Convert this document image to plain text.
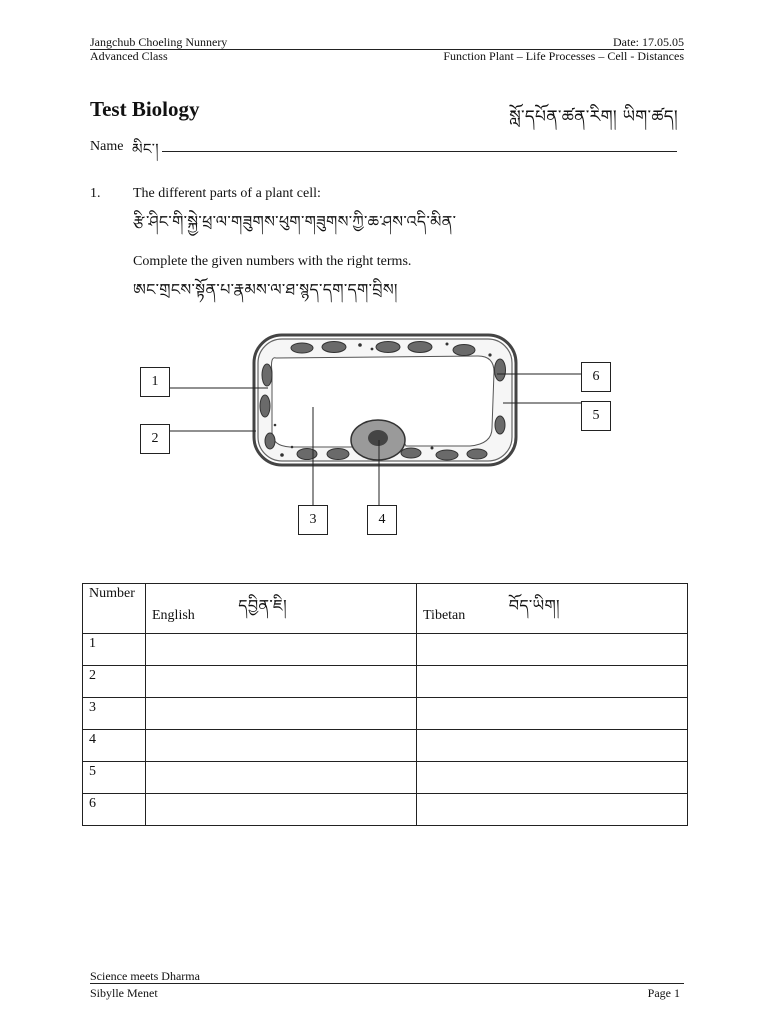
Jangchub Choeling Nunnery
Advanced Class
Date: 17.05.05
Function Plant – Life Processes – Cell - Distances
Test Biology	སློ་དཔོན་ཚན་རིག། ཡིག་ཚད།
Name མིང་།
1. The different parts of a plant cell:
རྩི་ཤིང་གི་སྐྱེ་ཕྲ་ལ་གཟུགས་ཕུག་གཟུགས་ཀྱི་ཆ་ཤས་འདི་མིན་
Complete the given numbers with the right terms.
ཨང་གྲངས་སྟོན་པ་རྣམས་ལ་ཐ་སྙད་དག་དག་བྲིས།
1
2
3	4
5
6
Number	English དབྱིན་ཇི།	Tibetan བོད་ཡིག།
1		
2		
3		
4		
5		
6		
Science meets Dharma
Sibylle Menet	Page 1
